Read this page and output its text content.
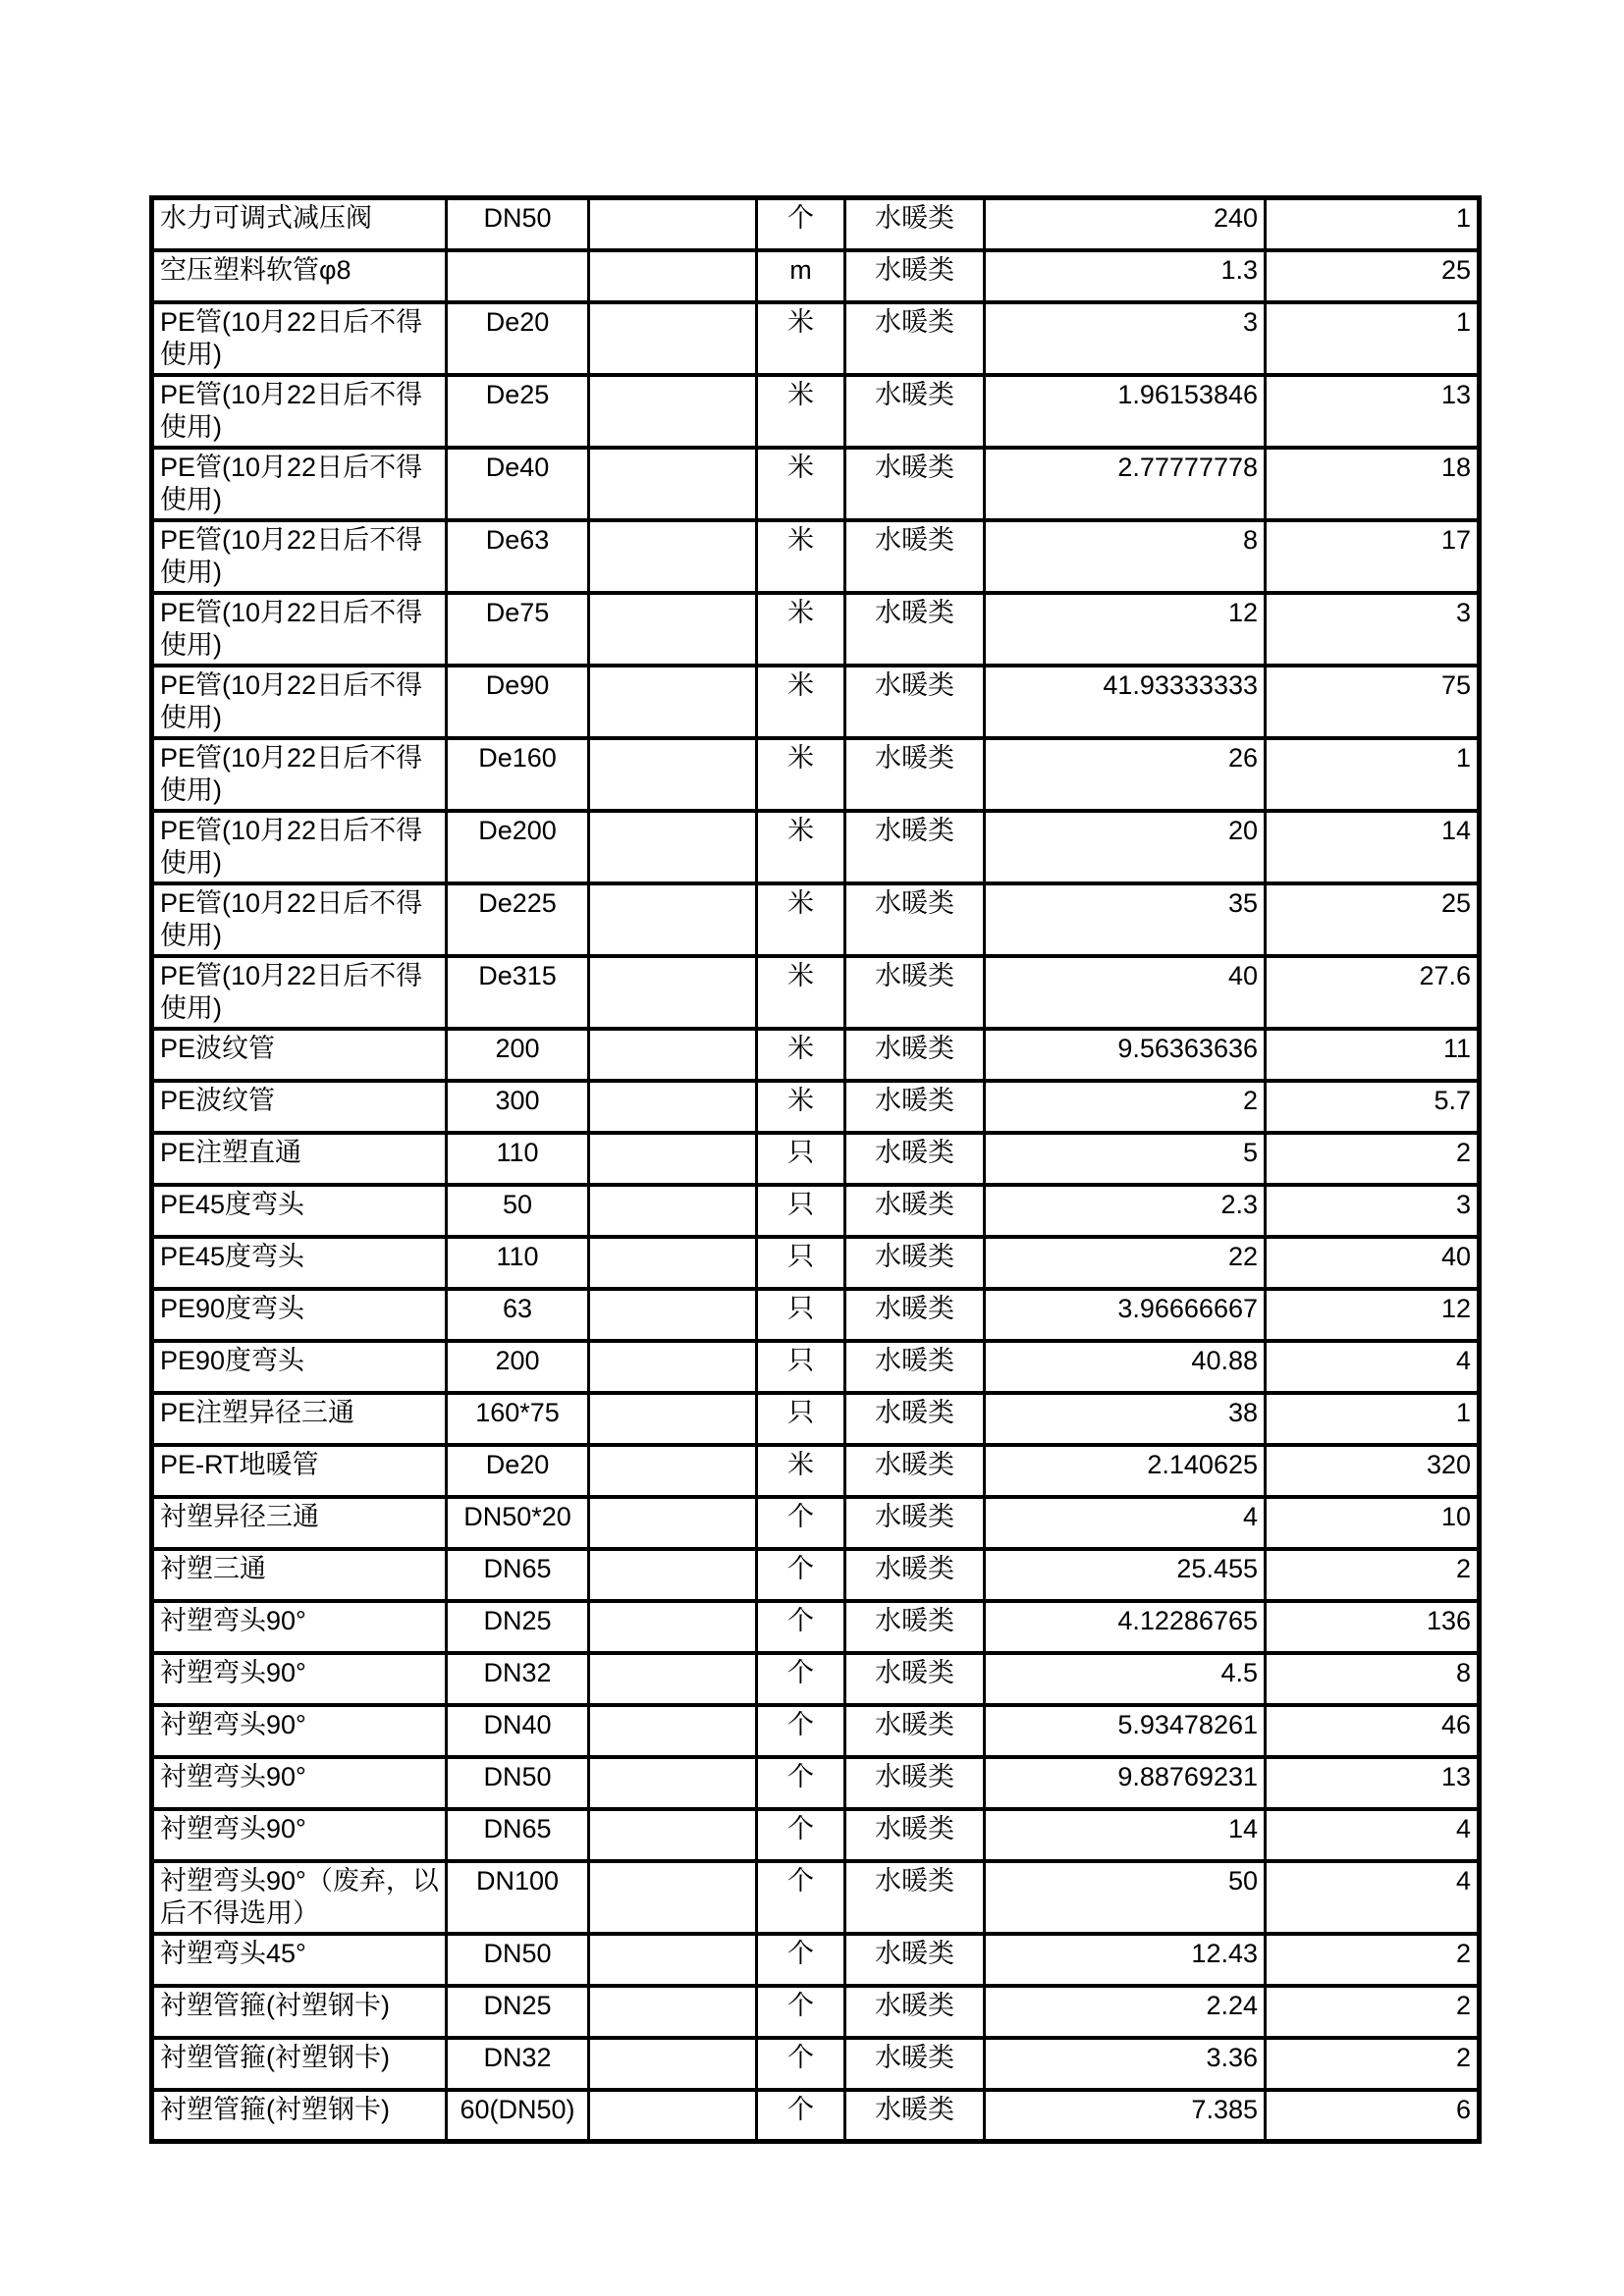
水力可调式减压阀	DN50		个	水暖类	240	1
空压塑料软管φ8			m	水暖类	1.3	25
PE管(10月22日后不得使用)	De20		米	水暖类	3	1
PE管(10月22日后不得使用)	De25		米	水暖类	1.96153846	13
PE管(10月22日后不得使用)	De40		米	水暖类	2.77777778	18
PE管(10月22日后不得使用)	De63		米	水暖类	8	17
PE管(10月22日后不得使用)	De75		米	水暖类	12	3
PE管(10月22日后不得使用)	De90		米	水暖类	41.93333333	75
PE管(10月22日后不得使用)	De160		米	水暖类	26	1
PE管(10月22日后不得使用)	De200		米	水暖类	20	14
PE管(10月22日后不得使用)	De225		米	水暖类	35	25
PE管(10月22日后不得使用)	De315		米	水暖类	40	27.6
PE波纹管	200		米	水暖类	9.56363636	11
PE波纹管	300		米	水暖类	2	5.7
PE注塑直通	110		只	水暖类	5	2
PE45度弯头	50		只	水暖类	2.3	3
PE45度弯头	110		只	水暖类	22	40
PE90度弯头	63		只	水暖类	3.96666667	12
PE90度弯头	200		只	水暖类	40.88	4
PE注塑异径三通	160*75		只	水暖类	38	1
PE-RT地暖管	De20		米	水暖类	2.140625	320
衬塑异径三通	DN50*20		个	水暖类	4	10
衬塑三通	DN65		个	水暖类	25.455	2
衬塑弯头90°	DN25		个	水暖类	4.12286765	136
衬塑弯头90°	DN32		个	水暖类	4.5	8
衬塑弯头90°	DN40		个	水暖类	5.93478261	46
衬塑弯头90°	DN50		个	水暖类	9.88769231	13
衬塑弯头90°	DN65		个	水暖类	14	4
衬塑弯头90°（废弃，以后不得选用）	DN100		个	水暖类	50	4
衬塑弯头45°	DN50		个	水暖类	12.43	2
衬塑管箍(衬塑钢卡)	DN25		个	水暖类	2.24	2
衬塑管箍(衬塑钢卡)	DN32		个	水暖类	3.36	2
衬塑管箍(衬塑钢卡)	60(DN50)		个	水暖类	7.385	6
